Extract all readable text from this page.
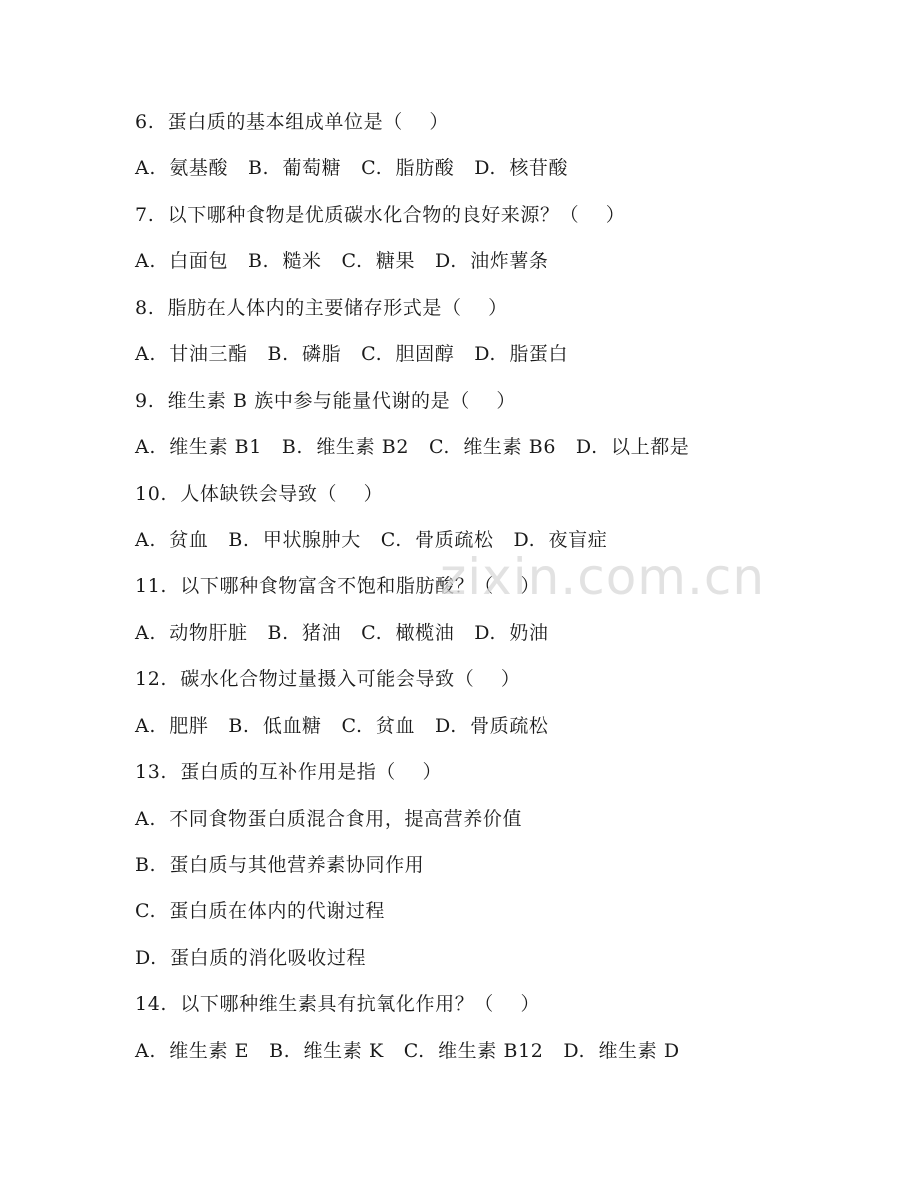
6.  蛋白质的基本组成单位是（    ）
A.  氨基酸   B.  葡萄糖   C.  脂肪酸   D.  核苷酸
7.  以下哪种食物是优质碳水化合物的良好来源？（    ）
A.  白面包   B.  糙米   C.  糖果   D.  油炸薯条
8.  脂肪在人体内的主要储存形式是（    ）
A.  甘油三酯   B.  磷脂   C.  胆固醇   D.  脂蛋白
9.  维生素 B 族中参与能量代谢的是（    ）
A.  维生素 B1   B.  维生素 B2   C.  维生素 B6   D.  以上都是
10.  人体缺铁会导致（    ）
A.  贫血   B.  甲状腺肿大   C.  骨质疏松   D.  夜盲症
11.  以下哪种食物富含不饱和脂肪酸？（    ）
A.  动物肝脏   B.  猪油   C.  橄榄油   D.  奶油
12.  碳水化合物过量摄入可能会导致（    ）
A.  肥胖   B.  低血糖   C.  贫血   D.  骨质疏松
13.  蛋白质的互补作用是指（    ）
A.  不同食物蛋白质混合食用，提高营养价值
B.  蛋白质与其他营养素协同作用
C.  蛋白质在体内的代谢过程
D.  蛋白质的消化吸收过程
14.  以下哪种维生素具有抗氧化作用？（    ）
A.  维生素 E   B.  维生素 K   C.  维生素 B12   D.  维生素 D
zixin.com.cn
